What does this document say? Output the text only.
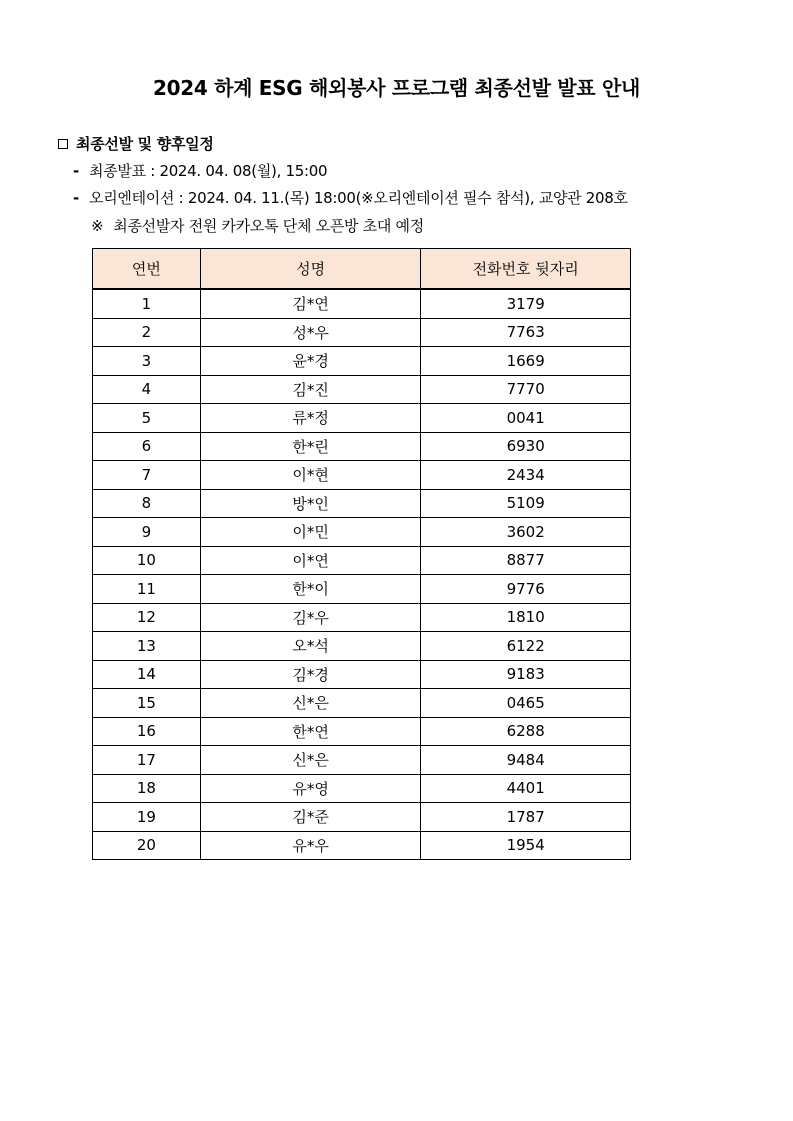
2024 하계 ESG 해외봉사 프로그램 최종선발 발표 안내
최종선발 및 향후일정
- 최종발표 : 2024. 04. 08(월), 15:00
- 오리엔테이션 : 2024. 04. 11.(목) 18:00(※오리엔테이션 필수 참석), 교양관 208호
※ 최종선발자 전원 카카오톡 단체 오픈방 초대 예정
연번	성명	전화번호 뒷자리
1	김*연	3179
2	성*우	7763
3	윤*경	1669
4	김*진	7770
5	류*정	0041
6	한*린	6930
7	이*현	2434
8	방*인	5109
9	이*민	3602
10	이*연	8877
11	한*이	9776
12	김*우	1810
13	오*석	6122
14	김*경	9183
15	신*은	0465
16	한*연	6288
17	신*은	9484
18	유*영	4401
19	김*준	1787
20	유*우	1954
